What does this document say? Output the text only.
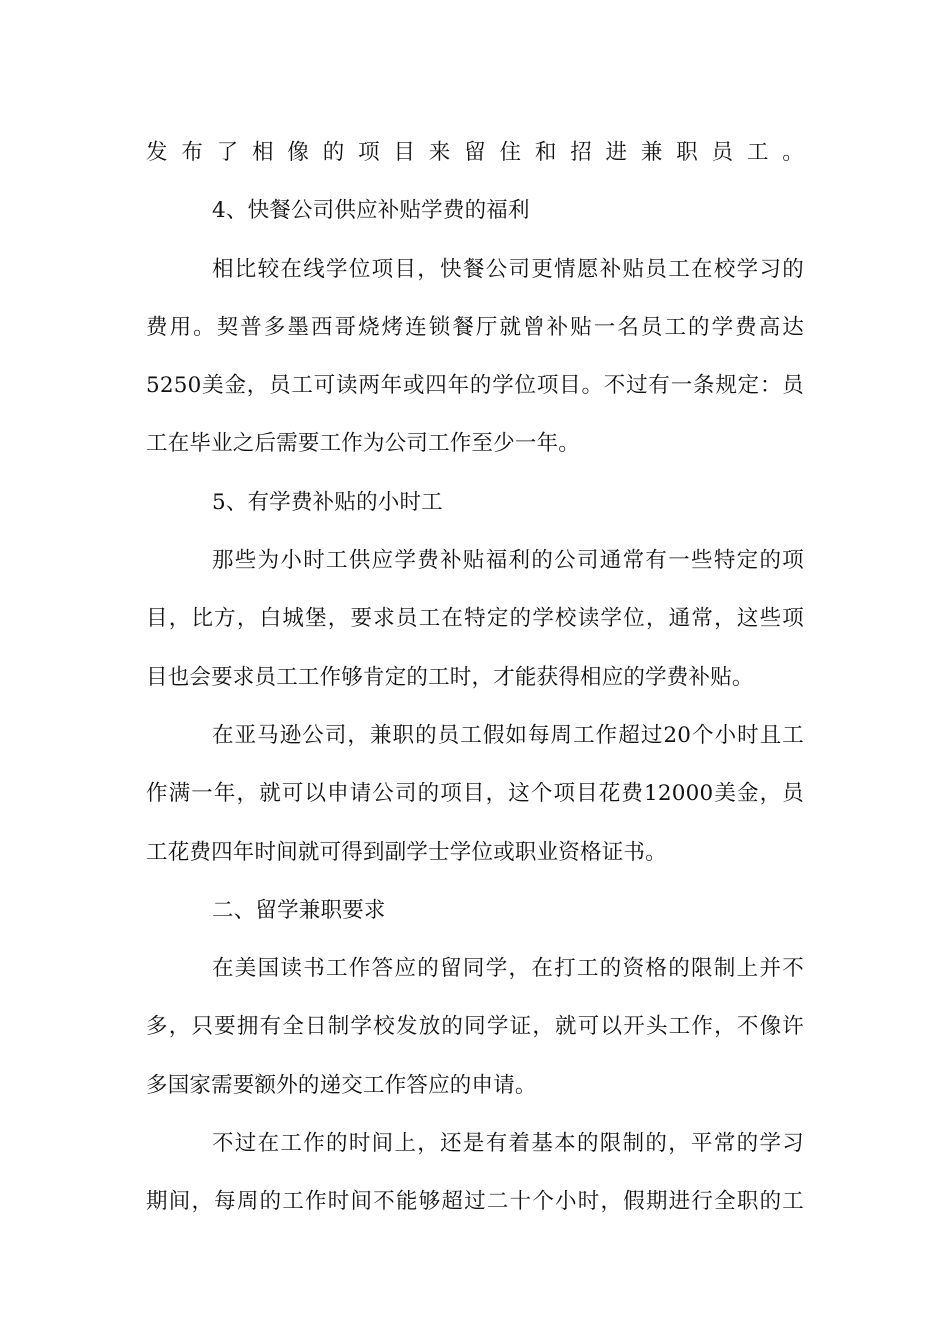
发布了相像的项目来留住和招进兼职员工。
4、快餐公司供应补贴学费的福利
相比较在线学位项目，快餐公司更情愿补贴员工在校学习的
费用。契普多墨西哥烧烤连锁餐厅就曾补贴一名员工的学费高达
5250美金，员工可读两年或四年的学位项目。不过有一条规定：员
工在毕业之后需要工作为公司工作至少一年。
5、有学费补贴的小时工
那些为小时工供应学费补贴福利的公司通常有一些特定的项
目，比方，白城堡，要求员工在特定的学校读学位，通常，这些项
目也会要求员工工作够肯定的工时，才能获得相应的学费补贴。
在亚马逊公司，兼职的员工假如每周工作超过20个小时且工
作满一年，就可以申请公司的项目，这个项目花费12000美金，员
工花费四年时间就可得到副学士学位或职业资格证书。
二、留学兼职要求
在美国读书工作答应的留同学，在打工的资格的限制上并不
多，只要拥有全日制学校发放的同学证，就可以开头工作，不像许
多国家需要额外的递交工作答应的申请。
不过在工作的时间上，还是有着基本的限制的，平常的学习
期间，每周的工作时间不能够超过二十个小时，假期进行全职的工
